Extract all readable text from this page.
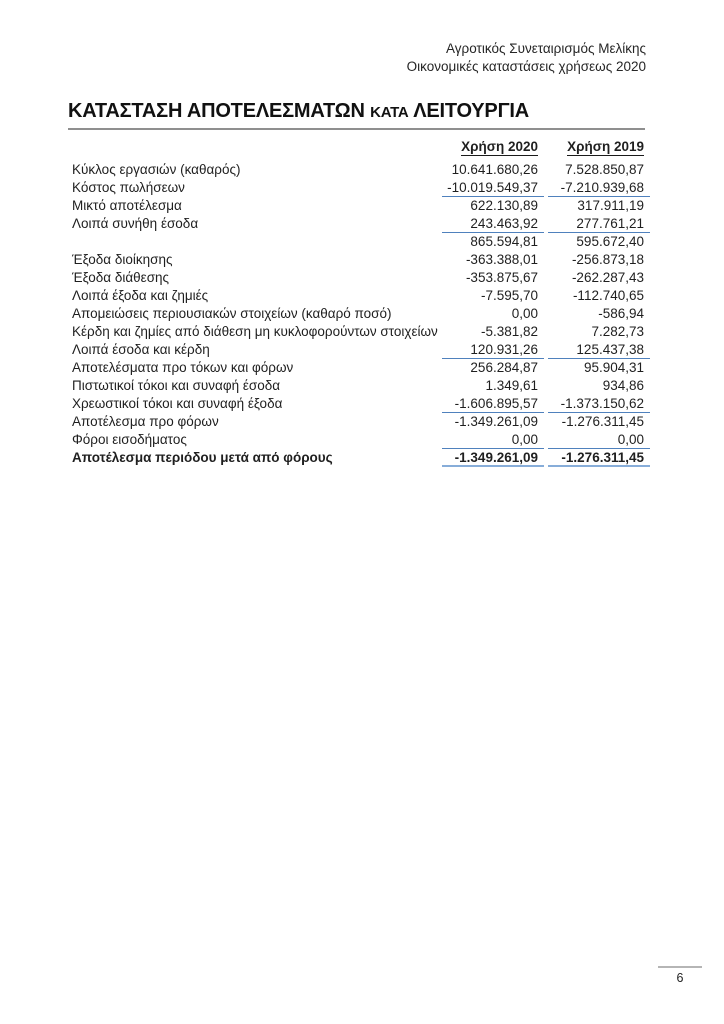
Αγροτικός Συνεταιρισμός Μελίκης
Οικονομικές καταστάσεις χρήσεως 2020
ΚΑΤΑΣΤΑΣΗ ΑΠΟΤΕΛΕΣΜΑΤΩΝ ΚΑΤΑ ΛΕΙΤΟΥΡΓΙΑ
Χρήση 2020	Χρήση 2019
Κύκλος εργασιών (καθαρός)	10.641.680,26	7.528.850,87
Κόστος πωλήσεων	-10.019.549,37	-7.210.939,68
Μικτό αποτέλεσμα	622.130,89	317.911,19
Λοιπά συνήθη έσοδα	243.463,92	277.761,21
865.594,81	595.672,40
Έξοδα διοίκησης	-363.388,01	-256.873,18
Έξοδα διάθεσης	-353.875,67	-262.287,43
Λοιπά έξοδα και ζημιές	-7.595,70	-112.740,65
Απομειώσεις περιουσιακών στοιχείων (καθαρό ποσό)	0,00	-586,94
Κέρδη και ζημίες από διάθεση μη κυκλοφορούντων στοιχείων	-5.381,82	7.282,73
Λοιπά έσοδα και κέρδη	120.931,26	125.437,38
Αποτελέσματα προ τόκων και φόρων	256.284,87	95.904,31
Πιστωτικοί τόκοι και συναφή έσοδα	1.349,61	934,86
Χρεωστικοί τόκοι και συναφή έξοδα	-1.606.895,57	-1.373.150,62
Αποτέλεσμα προ φόρων	-1.349.261,09	-1.276.311,45
Φόροι εισοδήματος	0,00	0,00
Αποτέλεσμα περιόδου μετά από φόρους	-1.349.261,09	-1.276.311,45
6
